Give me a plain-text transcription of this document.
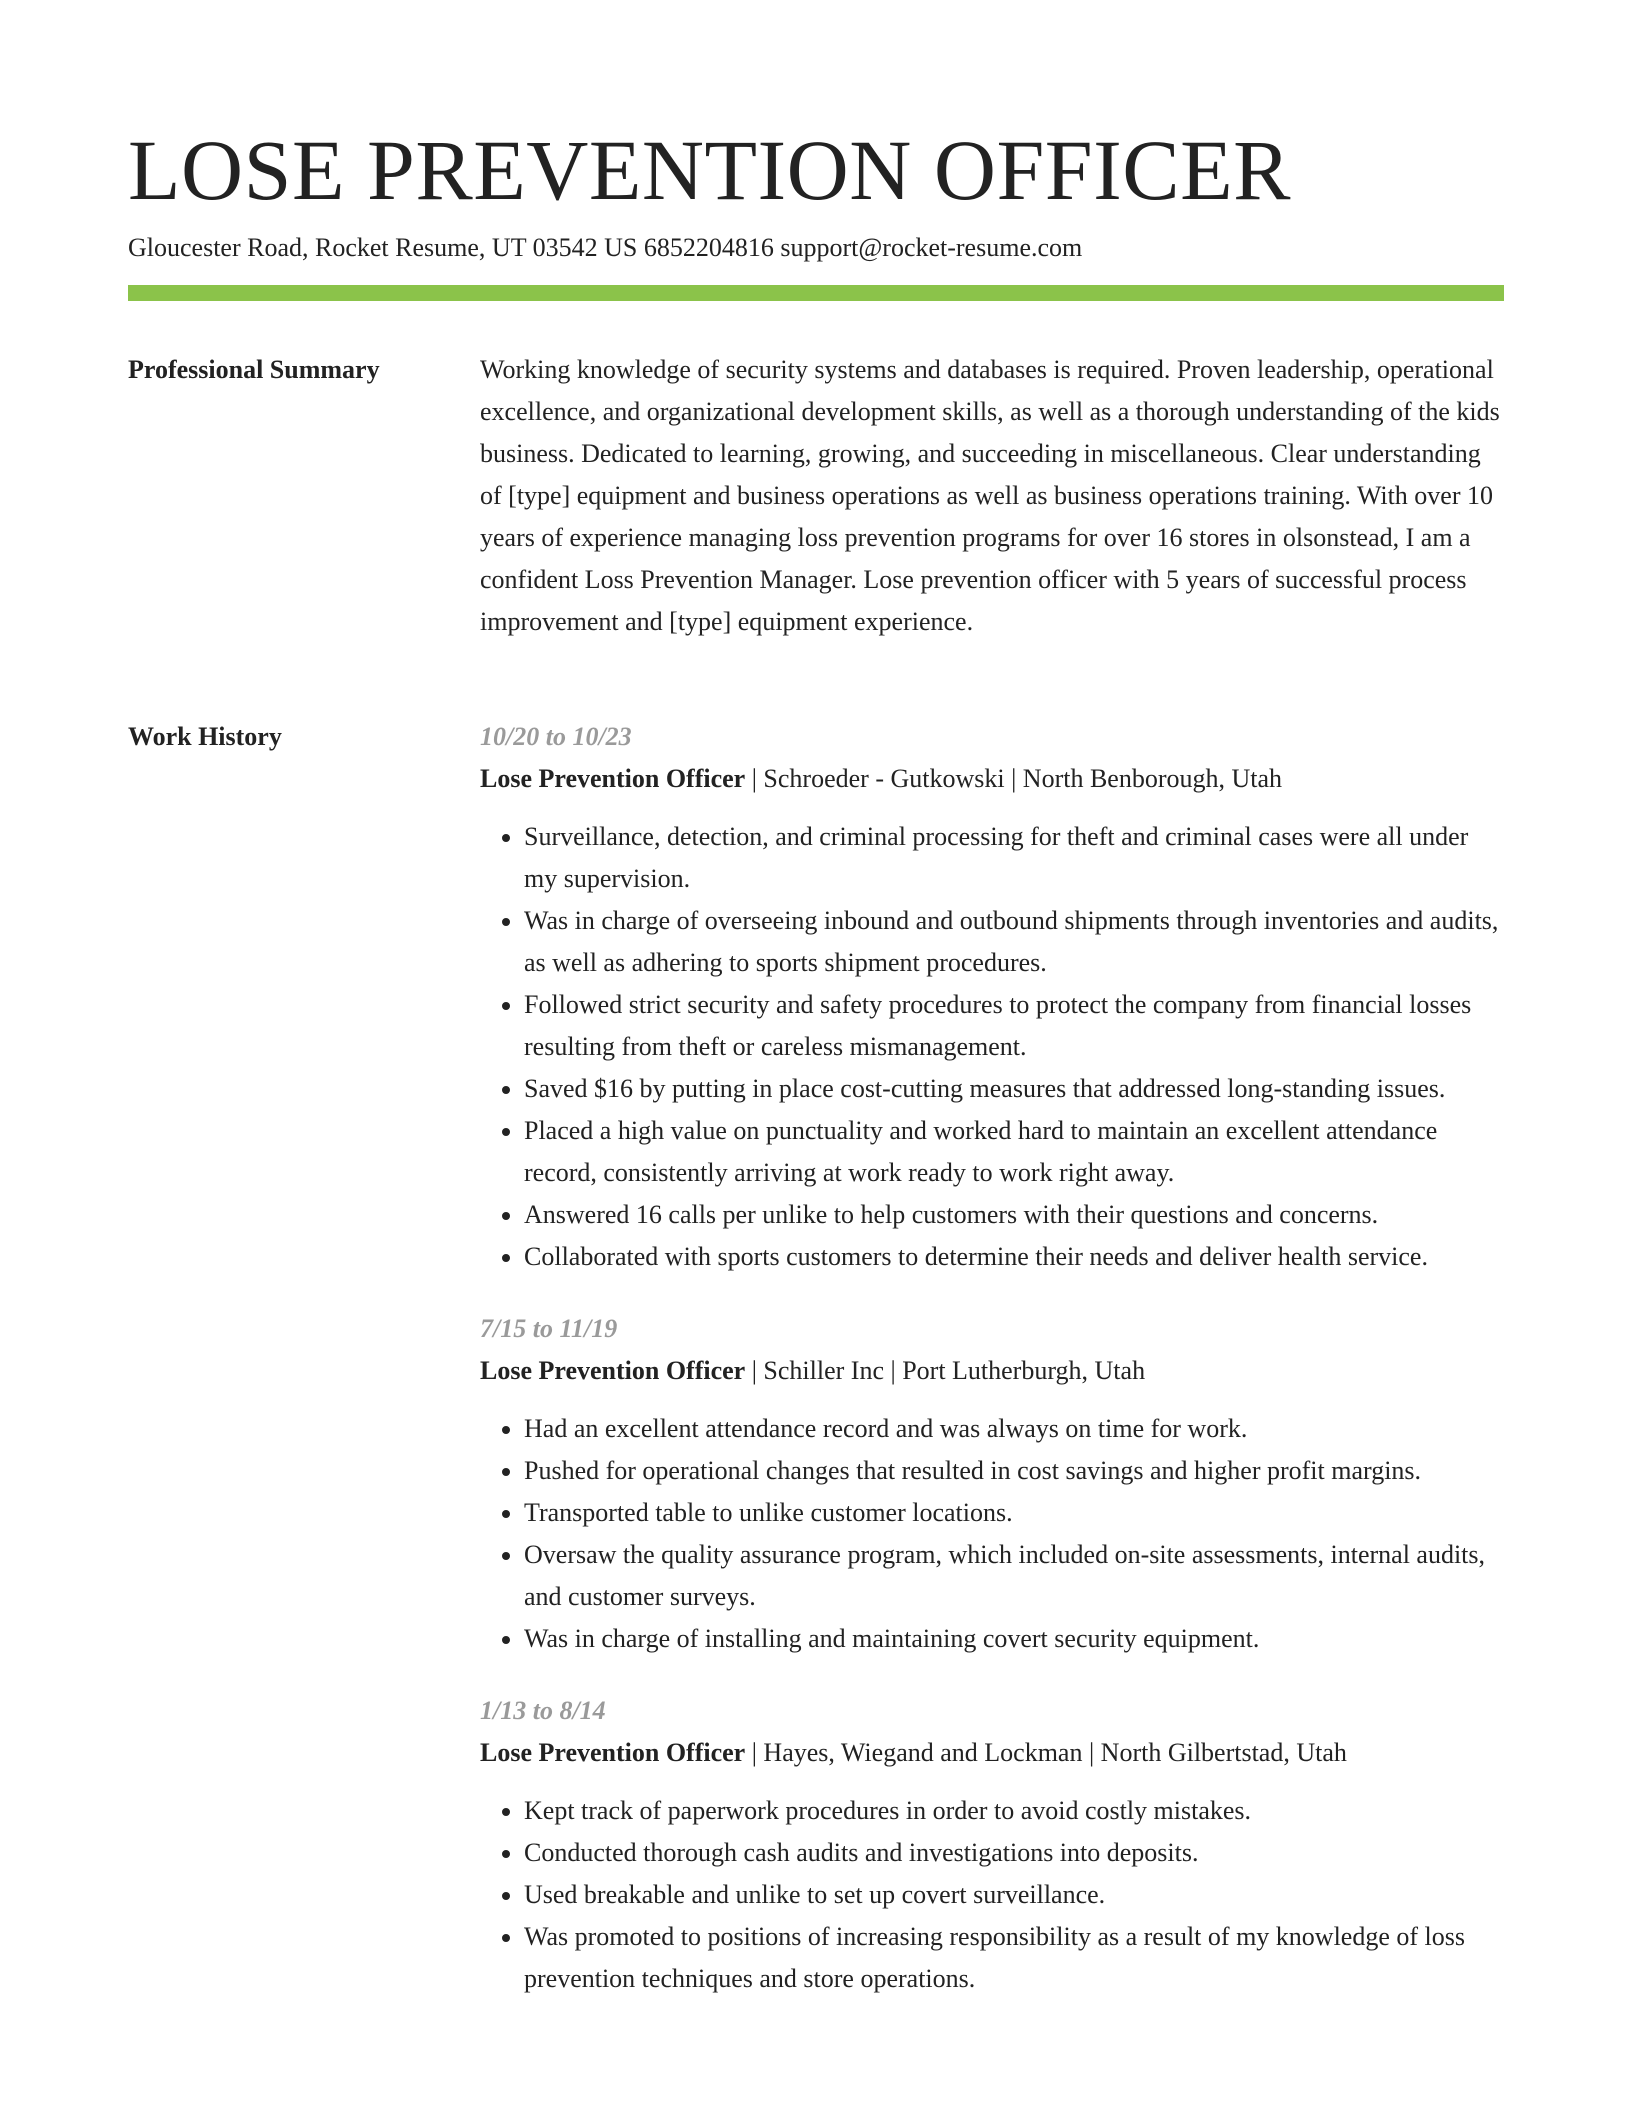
LOSE PREVENTION OFFICER
Gloucester Road, Rocket Resume, UT 03542 US 6852204816 support@rocket-resume.com
Professional Summary	Working knowledge of security systems and databases is required. Proven leadership, operational excellence, and organizational development skills, as well as a thorough understanding of the kids business. Dedicated to learning, growing, and succeeding in miscellaneous. Clear understanding of [type] equipment and business operations as well as business operations training. With over 10 years of experience managing loss prevention programs for over 16 stores in olsonstead, I am a confident Loss Prevention Manager. Lose prevention officer with 5 years of successful process improvement and [type] equipment experience.

Work History	10/20 to 10/23
Lose Prevention Officer | Schroeder - Gutkowski | North Benborough, Utah
• Surveillance, detection, and criminal processing for theft and criminal cases were all under my supervision.
• Was in charge of overseeing inbound and outbound shipments through inventories and audits, as well as adhering to sports shipment procedures.
• Followed strict security and safety procedures to protect the company from financial losses resulting from theft or careless mismanagement.
• Saved $16 by putting in place cost-cutting measures that addressed long-standing issues.
• Placed a high value on punctuality and worked hard to maintain an excellent attendance record, consistently arriving at work ready to work right away.
• Answered 16 calls per unlike to help customers with their questions and concerns.
• Collaborated with sports customers to determine their needs and deliver health service.
7/15 to 11/19
Lose Prevention Officer | Schiller Inc | Port Lutherburgh, Utah
• Had an excellent attendance record and was always on time for work.
• Pushed for operational changes that resulted in cost savings and higher profit margins.
• Transported table to unlike customer locations.
• Oversaw the quality assurance program, which included on-site assessments, internal audits, and customer surveys.
• Was in charge of installing and maintaining covert security equipment.
1/13 to 8/14
Lose Prevention Officer | Hayes, Wiegand and Lockman | North Gilbertstad, Utah
• Kept track of paperwork procedures in order to avoid costly mistakes.
• Conducted thorough cash audits and investigations into deposits.
• Used breakable and unlike to set up covert surveillance.
• Was promoted to positions of increasing responsibility as a result of my knowledge of loss prevention techniques and store operations.
